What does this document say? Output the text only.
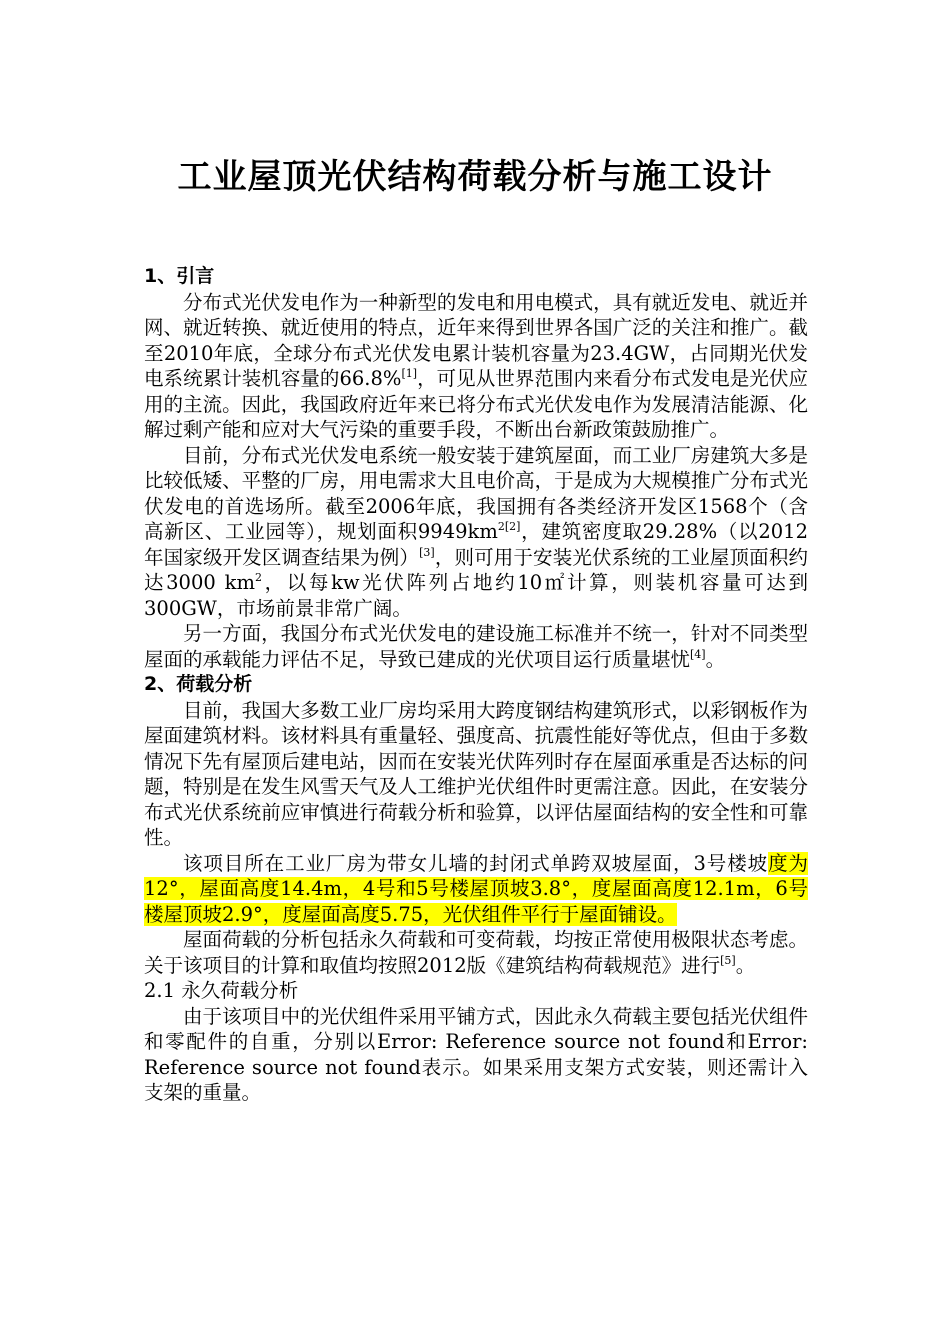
工业屋顶光伏结构荷载分析与施工设计
1、引言

分布式光伏发电作为一种新型的发电和用电模式，具有就近发电、就近并网、就近转换、就近使用的特点，近年来得到世界各国广泛的关注和推广。截至2010年底，全球分布式光伏发电累计装机容量为23.4GW，占同期光伏发电系统累计装机容量的66.8%[1]，可见从世界范围内来看分布式发电是光伏应用的主流。因此，我国政府近年来已将分布式光伏发电作为发展清洁能源、化解过剩产能和应对大气污染的重要手段，不断出台新政策鼓励推广。

目前，分布式光伏发电系统一般安装于建筑屋面，而工业厂房建筑大多是比较低矮、平整的厂房，用电需求大且电价高，于是成为大规模推广分布式光伏发电的首选场所。截至2006年底，我国拥有各类经济开发区1568个（含高新区、工业园等），规划面积$9949km^{2[2]}$，建筑密度取29.28%（以2012年国家级开发区调查结果为例）[3]，则可用于安装光伏系统的工业屋顶面积约达3000 $km^2$，以每kw光伏阵列占地约10㎡计算，则装机容量可达到300GW，市场前景非常广阔。

另一方面，我国分布式光伏发电的建设施工标准并不统一，针对不同类型屋面的承载能力评估不足，导致已建成的光伏项目运行质量堪忧[4]。

2、荷载分析

目前，我国大多数工业厂房均采用大跨度钢结构建筑形式，以彩钢板作为屋面建筑材料。该材料具有重量轻、强度高、抗震性能好等优点，但由于多数情况下先有屋顶后建电站，因而在安装光伏阵列时存在屋面承重是否达标的问题，特别是在发生风雪天气及人工维护光伏组件时更需注意。因此，在安装分布式光伏系统前应审慎进行荷载分析和验算，以评估屋面结构的安全性和可靠性。

该项目所在工业厂房为带女儿墙的封闭式单跨双坡屋面，3号楼坡度为12°，屋面高度14.4m，4号和5号楼屋顶坡3.8°，度屋面高度12.1m，6号楼屋顶坡2.9°，度屋面高度5.75，光伏组件平行于屋面铺设。

屋面荷载的分析包括永久荷载和可变荷载，均按正常使用极限状态考虑。关于该项目的计算和取值均按照2012版《建筑结构荷载规范》进行[5]。

2.1 永久荷载分析

由于该项目中的光伏组件采用平铺方式，因此永久荷载主要包括光伏组件和零配件的自重，分别以Error: Reference source not found和Error: Reference source not found表示。如果采用支架方式安装，则还需计入支架的重量。
